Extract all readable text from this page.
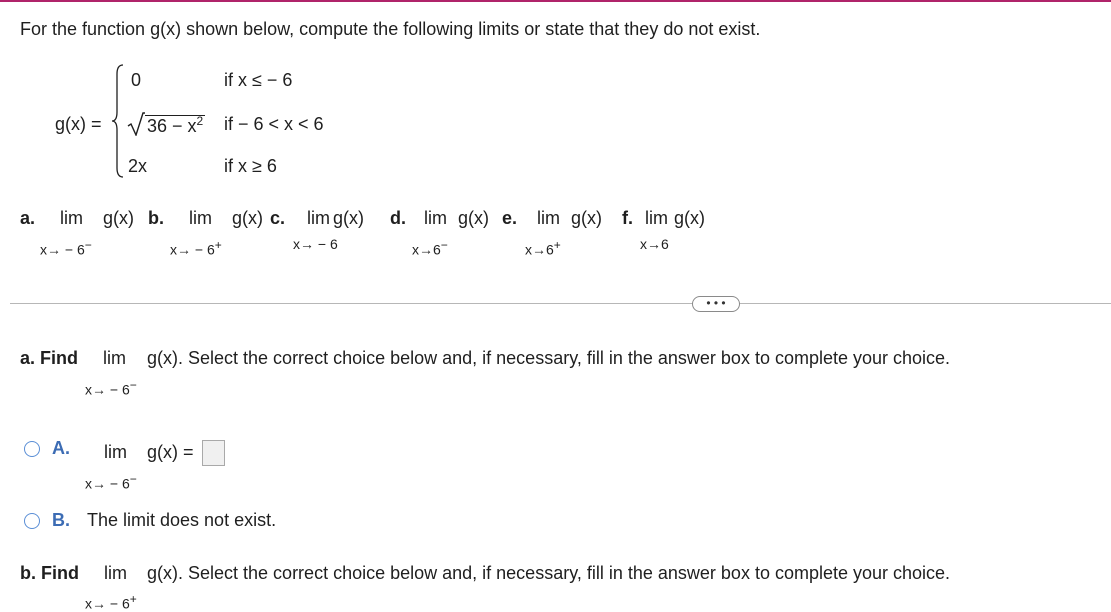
For the function g(x) shown below, compute the following limits or state that they do not exist.
g(x) =
0	if x ≤ − 6
$36 - x^2$ if − 6 < x < 6
2x	if x ≥ 6
a. lim g(x)
x→ − 6−
b. lim g(x)
x→ − 6+
c. lim g(x)
x→ − 6
d. lim g(x)
x→6−
e. lim g(x)
x→6+
f. lim g(x)
x→6
• • •
a. Find lim g(x). Select the correct choice below and, if necessary, fill in the answer box to complete your choice.
x→ − 6−
A. lim g(x) =
x→ − 6−
B. The limit does not exist.
b. Find lim g(x). Select the correct choice below and, if necessary, fill in the answer box to complete your choice.
x→ − 6+
